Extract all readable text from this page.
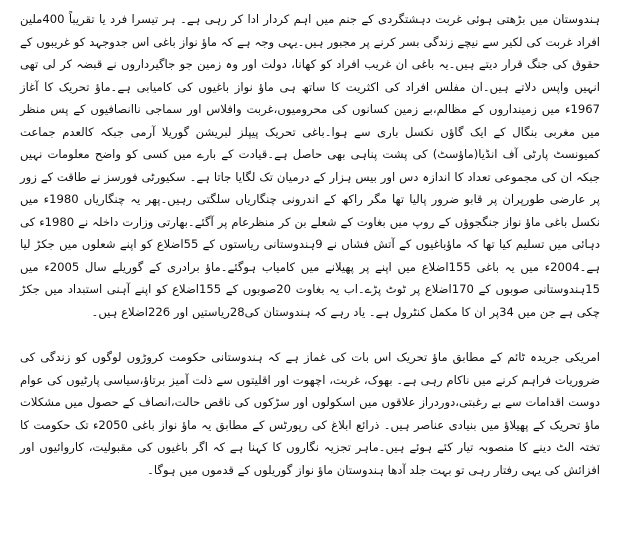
ہندوستان میں بڑھتی ہوئی غربت دہشتگردی کے جنم میں اہم کردار ادا کر رہی ہے۔ ہر تیسرا فرد یا تقریباً 400ملین افراد غربت کی لکیر سے نیچے زندگی بسر کرنے پر مجبور ہیں۔یہی وجہ ہے کہ ماؤ نواز باغی اس جدوجہد کو غریبوں کے حقوق کی جنگ قرار دیتے ہیں۔یہ باغی ان غریب افراد کو کھانا، دولت اور وہ زمین جو جاگیرداروں نے قبضہ کر لی تھی انہیں واپس دلاتے ہیں۔ان مفلس افراد کی اکثریت کا ساتھ ہی ماؤ نواز باغیوں کی کامیابی ہے۔ماؤ تحریک کا آغاز 1967ء میں زمینداروں کے مظالم،بے زمین کسانوں کی محرومیوں،غربت وافلاس اور سماجی ناانصافیوں کے پس منظر میں مغربی بنگال کے ایک گاؤں نکسل باری سے ہوا۔باغی تحریک پیپلز لبریشن گوریلا آرمی جبکہ کالعدم جماعت کمیونسٹ پارٹی آف انڈیا(ماؤسٹ) کی پشت پناہی بھی حاصل ہے۔قیادت کے بارے میں کسی کو واضح معلومات نہیں جبکہ ان کی مجموعی تعداد کا اندازہ دس اور بیس ہزار کے درمیان تک لگایا جاتا ہے۔ سکیورٹی فورسز نے طاقت کے زور پر عارضی طورپران پر قابو ضرور پالیا تھا مگر راکھ کے اندرونی چنگاریاں سلگتی رہیں۔پھر یہ چنگاریاں 1980ء میں نکسل باغی ماؤ نواز جنگجوؤں کے روپ میں بغاوت کے شعلے بن کر منظرعام پر آگئے۔بھارتی وزارت داخلہ نے 1980ء کی دہائی میں تسلیم کیا تھا کہ ماؤباغیوں کے آتش فشاں نے 9ہندوستانی ریاستوں کے 55اضلاع کو اپنے شعلوں میں جکڑ لیا ہے۔2004ء میں یہ باغی 155اضلاع میں اپنے پر پھیلانے میں کامیاب ہوگئے۔ماؤ برادری کے گوریلے سال 2005ء میں 15ہندوستانی صوبوں کے 170اضلاع پر ٹوٹ پڑے۔اب یہ بغاوت 20صوبوں کے 155اضلاع کو اپنے آہنی استبداد میں جکڑ چکی ہے جن میں 34پر ان کا مکمل کنٹرول ہے۔ یاد رہے کہ ہندوستان کی28ریاستیں اور 226اضلاع ہیں۔

امریکی جریدہ ٹائم کے مطابق ماؤ تحریک اس بات کی غماز ہے کہ ہندوستانی حکومت کروڑوں لوگوں کو زندگی کی ضروریات فراہم کرنے میں ناکام رہی ہے۔ بھوک، غربت، اچھوت اور اقلیتوں سے ذلت آمیز برتاؤ،سیاسی پارٹیوں کی عوام دوست اقدامات سے بے رغبتی،دوردراز علاقوں میں اسکولوں اور سڑکوں کی ناقص حالت،انصاف کے حصول میں مشکلات ماؤ تحریک کے پھیلاؤ میں بنیادی عناصر ہیں۔ ذرائع ابلاغ کی رپورٹس کے مطابق یہ ماؤ نواز باغی 2050ء تک حکومت کا تختہ الٹ دینے کا منصوبہ تیار کئے ہوئے ہیں۔ماہر تجزیہ نگاروں کا کہنا ہے کہ اگر باغیوں کی مقبولیت، کاروائیوں اور افزائش کی یہی رفتار رہی تو بہت جلد آدھا ہندوستان ماؤ نواز گوریلوں کے قدموں میں ہوگا۔
